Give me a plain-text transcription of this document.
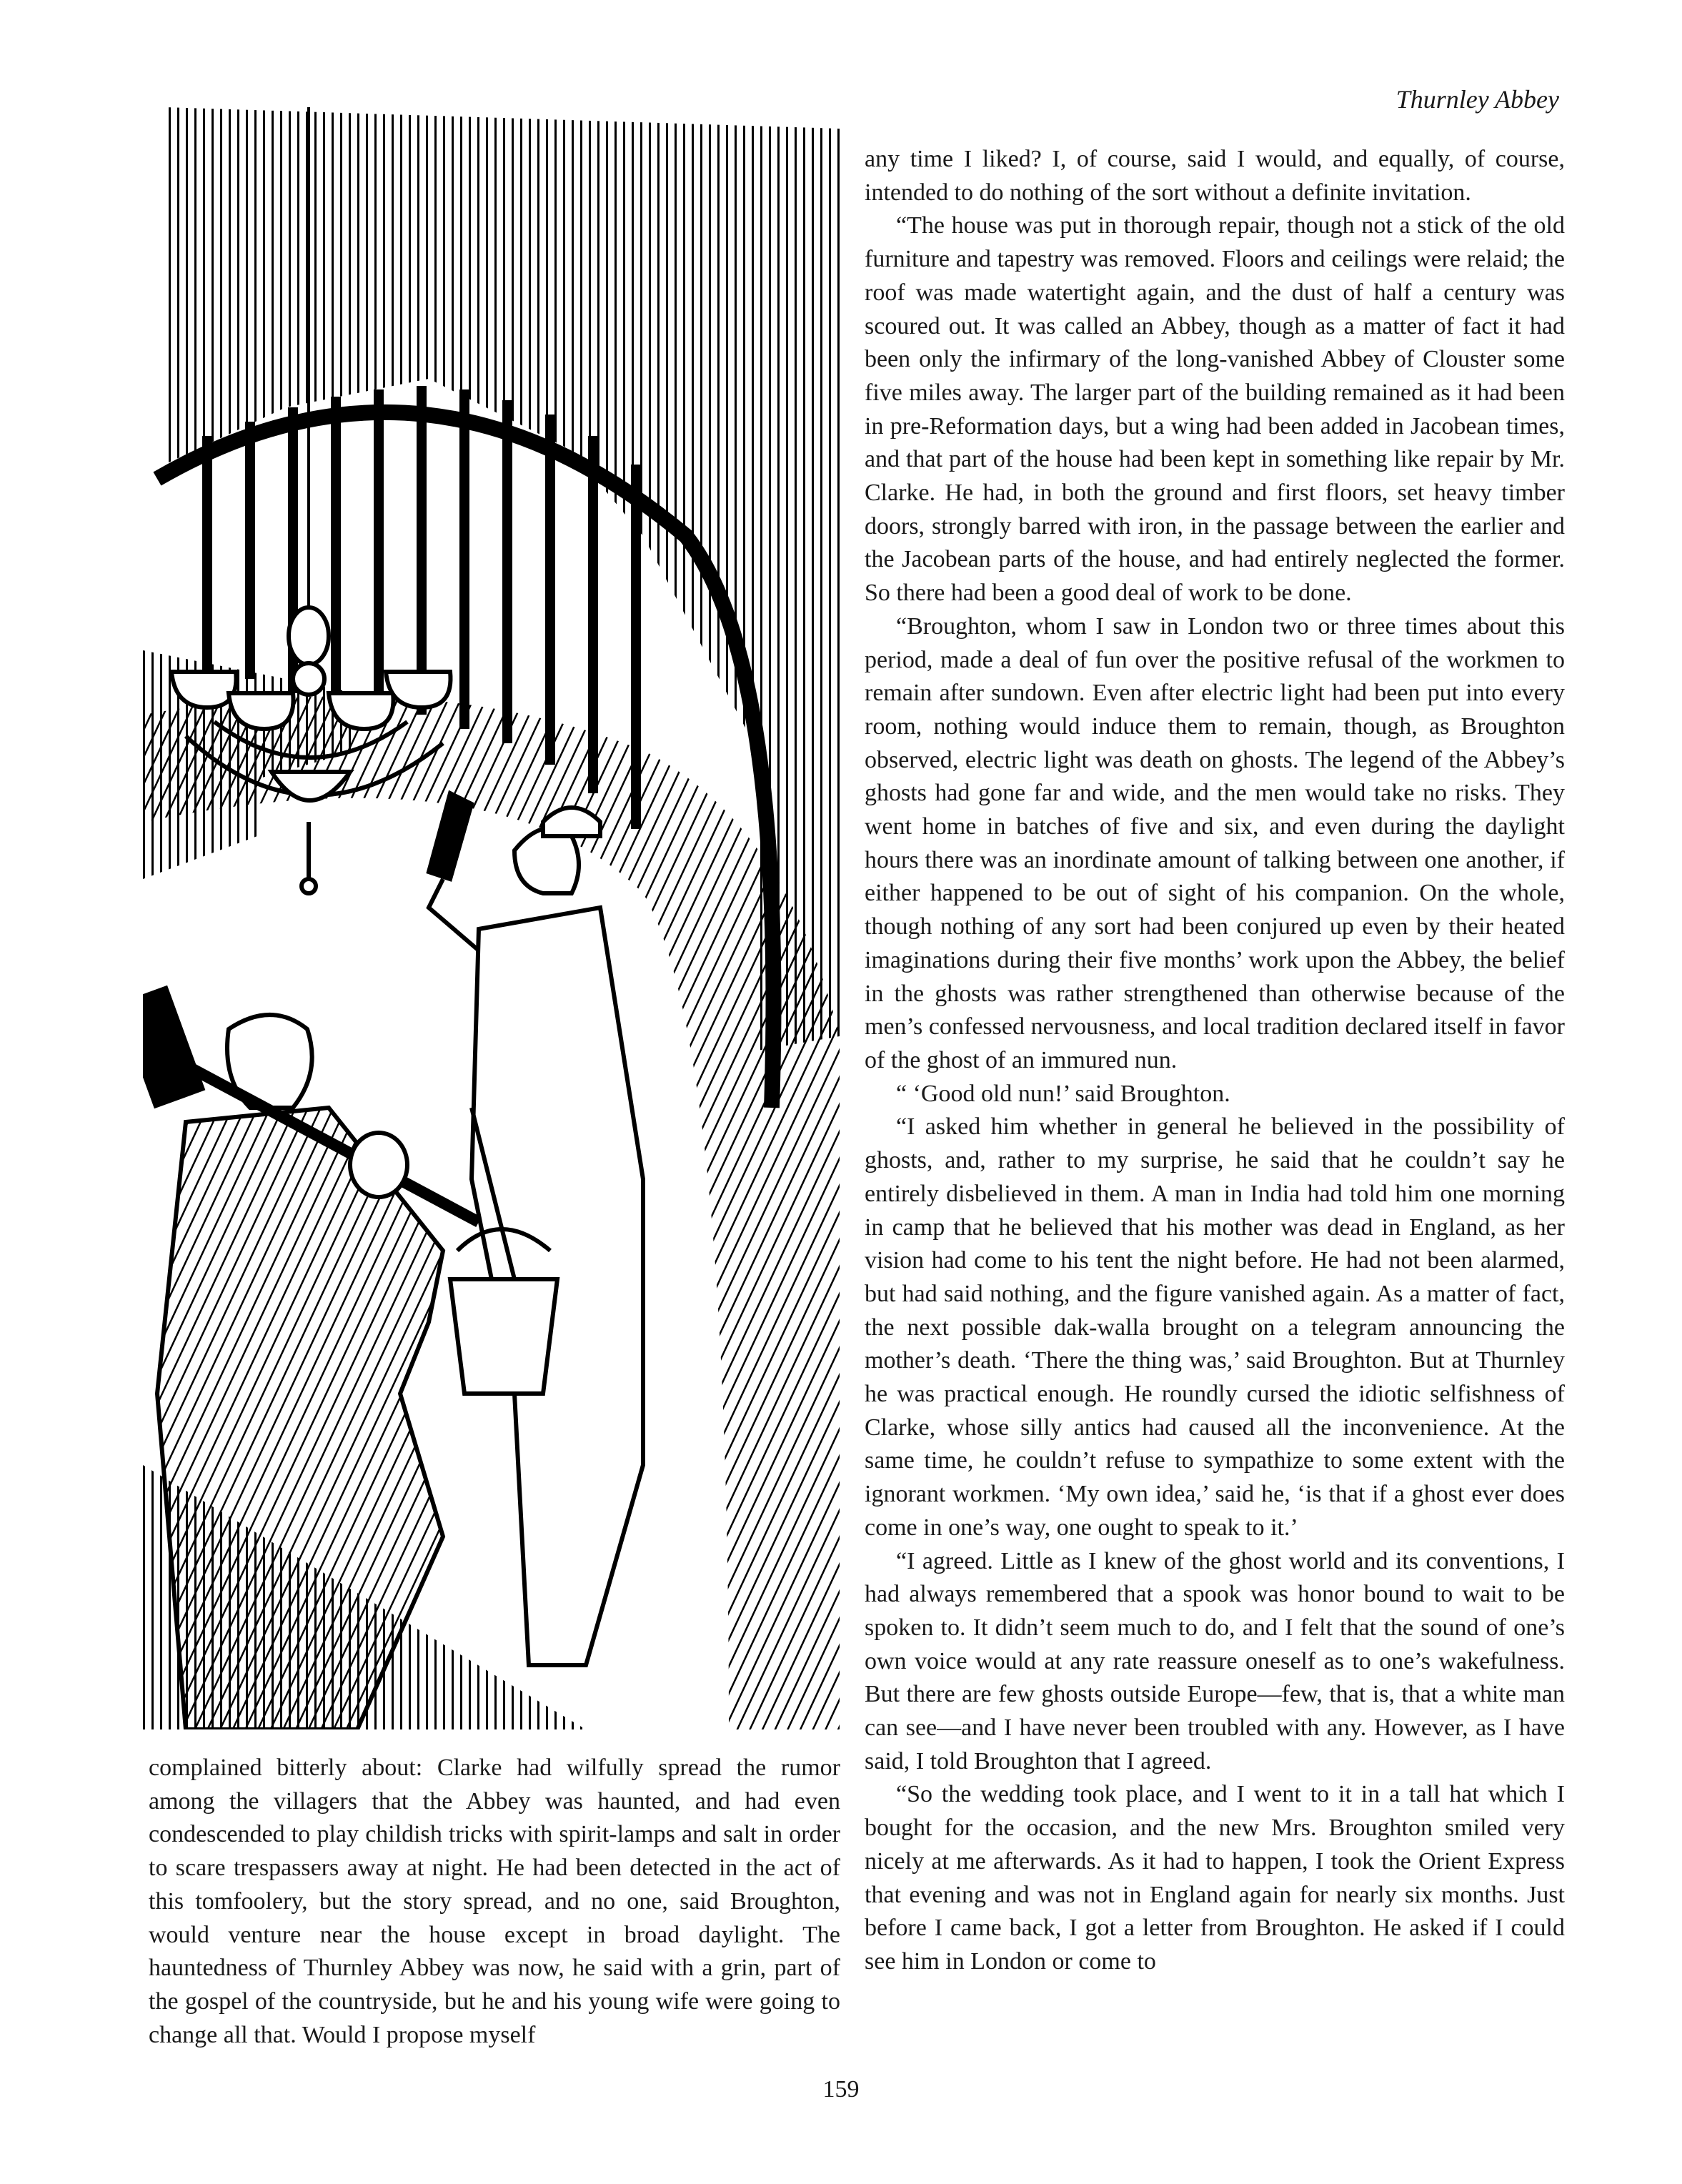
Thurnley Abbey

any time I liked? I, of course, said I would, and equally, of course, intended to do nothing of the sort without a definite invitation.

“The house was put in thorough repair, though not a stick of the old furniture and tapestry was removed. Floors and ceilings were relaid; the roof was made watertight again, and the dust of half a century was scoured out. It was called an Abbey, though as a matter of fact it had been only the infirmary of the long-vanished Abbey of Clouster some five miles away. The larger part of the building remained as it had been in pre-Reformation days, but a wing had been added in Jacobean times, and that part of the house had been kept in something like repair by Mr. Clarke. He had, in both the ground and first floors, set heavy timber doors, strongly barred with iron, in the passage between the earlier and the Jacobean parts of the house, and had entirely neglected the former. So there had been a good deal of work to be done.

“Broughton, whom I saw in London two or three times about this period, made a deal of fun over the positive refusal of the workmen to remain after sundown. Even after electric light had been put into every room, nothing would induce them to remain, though, as Broughton observed, electric light was death on ghosts. The legend of the Abbey’s ghosts had gone far and wide, and the men would take no risks. They went home in batches of five and six, and even during the daylight hours there was an inordinate amount of talking between one another, if either happened to be out of sight of his companion. On the whole, though nothing of any sort had been conjured up even by their heated imaginations during their five months’ work upon the Abbey, the belief in the ghosts was rather strengthened than otherwise because of the men’s confessed nervousness, and local tradition declared itself in favor of the ghost of an immured nun.

“ ‘Good old nun!’ said Broughton.

“I asked him whether in general he believed in the possibility of ghosts, and, rather to my surprise, he said that he couldn’t say he entirely disbelieved in them. A man in India had told him one morning in camp that he believed that his mother was dead in England, as her vision had come to his tent the night before. He had not been alarmed, but had said nothing, and the figure vanished again. As a matter of fact, the next possible dak-walla brought on a telegram announcing the mother’s death. ‘There the thing was,’ said Broughton. But at Thurnley he was practical enough. He roundly cursed the idiotic selfishness of Clarke, whose silly antics had caused all the inconvenience. At the same time, he couldn’t refuse to sympathize to some extent with the ignorant workmen. ‘My own idea,’ said he, ‘is that if a ghost ever does come in one’s way, one ought to speak to it.’

“I agreed. Little as I knew of the ghost world and its conventions, I had always remembered that a spook was honor bound to wait to be spoken to. It didn’t seem much to do, and I felt that the sound of one’s own voice would at any rate reassure oneself as to one’s wakefulness. But there are few ghosts outside Europe—few, that is, that a white man can see—and I have never been troubled with any. However, as I have said, I told Broughton that I agreed.

“So the wedding took place, and I went to it in a tall hat which I bought for the occasion, and the new Mrs. Broughton smiled very nicely at me afterwards. As it had to happen, I took the Orient Express that evening and was not in England again for nearly six months. Just before I came back, I got a letter from Broughton. He asked if I could see him in London or come to

complained bitterly about: Clarke had wilfully spread the rumor among the villagers that the Abbey was haunted, and had even condescended to play childish tricks with spirit-lamps and salt in order to scare trespassers away at night. He had been detected in the act of this tomfoolery, but the story spread, and no one, said Broughton, would venture near the house except in broad daylight. The hauntedness of Thurnley Abbey was now, he said with a grin, part of the gospel of the countryside, but he and his young wife were going to change all that. Would I propose myself

159
